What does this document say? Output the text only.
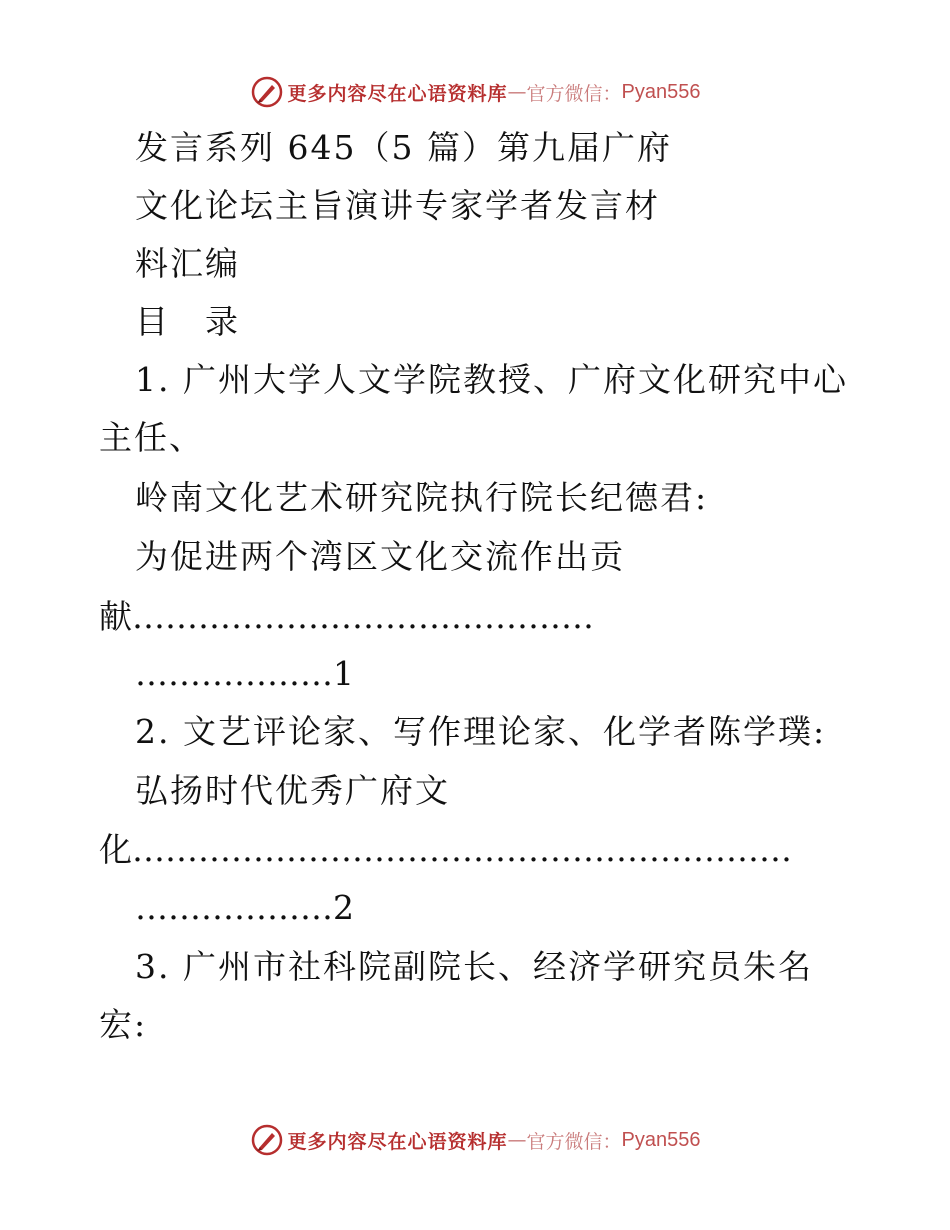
更多内容尽在心语资料库 — 官方微信： Pyan556
发言系列 645（5 篇）第九届广府
文化论坛主旨演讲专家学者发言材
料汇编
目　录
1. 广州大学人文学院教授、广府文化研究中心
主任、
岭南文化艺术研究院执行院长纪德君:
为促进两个湾区文化交流作出贡
献……………………………………
………………1
2. 文艺评论家、写作理论家、化学者陈学璞:
弘扬时代优秀广府文
化……………………………………………………
………………2
3. 广州市社科院副院长、经济学研究员朱名
宏:
更多内容尽在心语资料库 — 官方微信： Pyan556
